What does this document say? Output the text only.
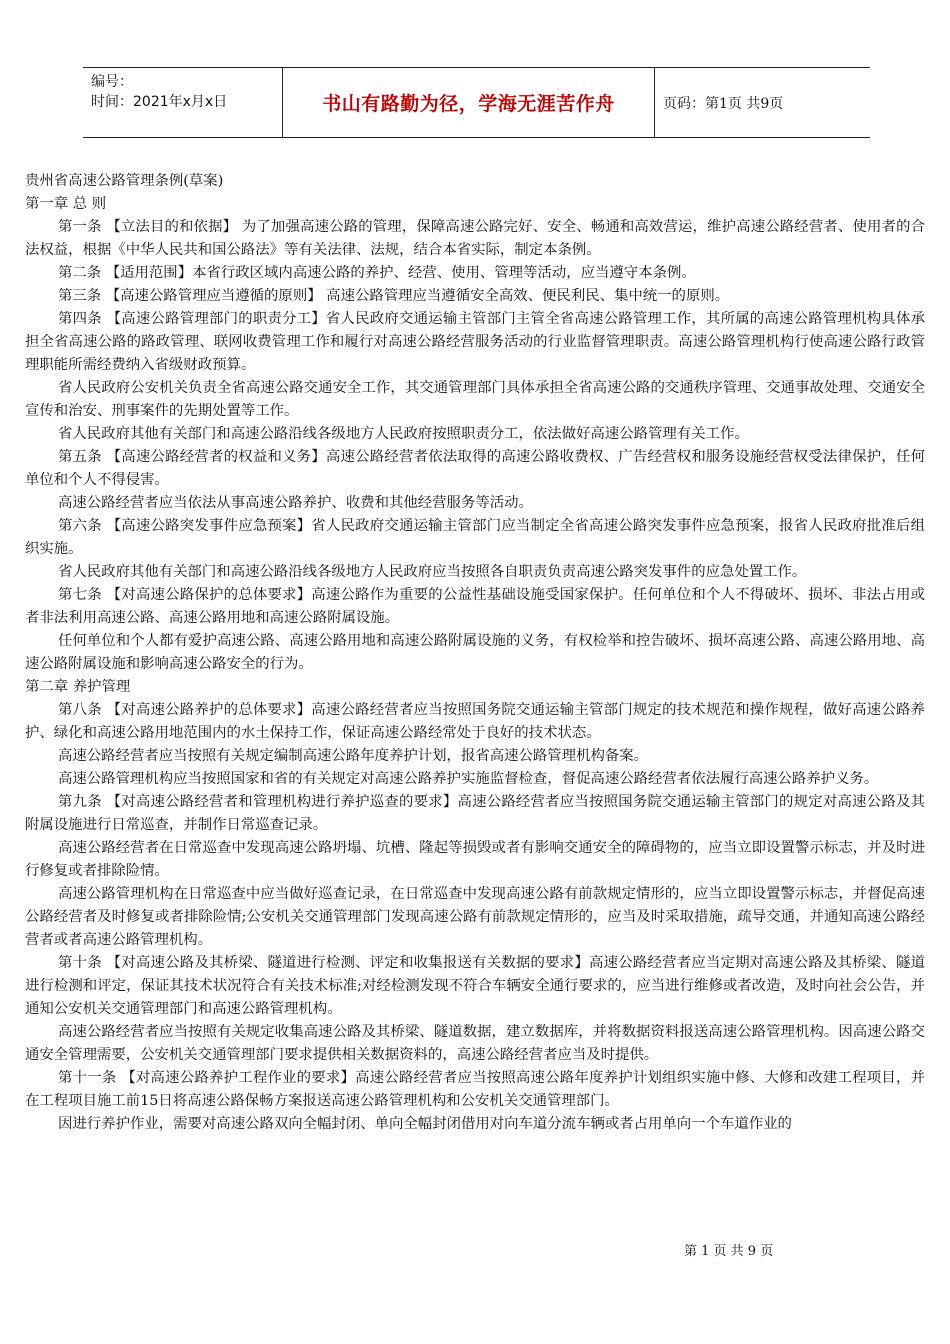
编号：
时间：2021年x月x日	书山有路勤为径，学海无涯苦作舟	页码：第1页 共9页

贵州省高速公路管理条例(草案)

第一章 总 则

第一条 【立法目的和依据】 为了加强高速公路的管理，保障高速公路完好、安全、畅通和高效营运，维护高速公路经营者、使用者的合法权益，根据《中华人民共和国公路法》等有关法律、法规，结合本省实际，制定本条例。

第二条 【适用范围】本省行政区域内高速公路的养护、经营、使用、管理等活动，应当遵守本条例。

第三条 【高速公路管理应当遵循的原则】 高速公路管理应当遵循安全高效、便民利民、集中统一的原则。

第四条 【高速公路管理部门的职责分工】省人民政府交通运输主管部门主管全省高速公路管理工作，其所属的高速公路管理机构具体承担全省高速公路的路政管理、联网收费管理工作和履行对高速公路经营服务活动的行业监督管理职责。高速公路管理机构行使高速公路行政管理职能所需经费纳入省级财政预算。

省人民政府公安机关负责全省高速公路交通安全工作，其交通管理部门具体承担全省高速公路的交通秩序管理、交通事故处理、交通安全宣传和治安、刑事案件的先期处置等工作。

省人民政府其他有关部门和高速公路沿线各级地方人民政府按照职责分工，依法做好高速公路管理有关工作。

第五条 【高速公路经营者的权益和义务】高速公路经营者依法取得的高速公路收费权、广告经营权和服务设施经营权受法律保护，任何单位和个人不得侵害。

高速公路经营者应当依法从事高速公路养护、收费和其他经营服务等活动。

第六条 【高速公路突发事件应急预案】省人民政府交通运输主管部门应当制定全省高速公路突发事件应急预案，报省人民政府批准后组织实施。

省人民政府其他有关部门和高速公路沿线各级地方人民政府应当按照各自职责负责高速公路突发事件的应急处置工作。

第七条 【对高速公路保护的总体要求】高速公路作为重要的公益性基础设施受国家保护。任何单位和个人不得破坏、损坏、非法占用或者非法利用高速公路、高速公路用地和高速公路附属设施。

任何单位和个人都有爱护高速公路、高速公路用地和高速公路附属设施的义务，有权检举和控告破坏、损坏高速公路、高速公路用地、高速公路附属设施和影响高速公路安全的行为。

第二章 养护管理

第八条 【对高速公路养护的总体要求】高速公路经营者应当按照国务院交通运输主管部门规定的技术规范和操作规程，做好高速公路养护、绿化和高速公路用地范围内的水土保持工作，保证高速公路经常处于良好的技术状态。

高速公路经营者应当按照有关规定编制高速公路年度养护计划，报省高速公路管理机构备案。

高速公路管理机构应当按照国家和省的有关规定对高速公路养护实施监督检查，督促高速公路经营者依法履行高速公路养护义务。

第九条 【对高速公路经营者和管理机构进行养护巡查的要求】高速公路经营者应当按照国务院交通运输主管部门的规定对高速公路及其附属设施进行日常巡查，并制作日常巡查记录。

高速公路经营者在日常巡查中发现高速公路坍塌、坑槽、隆起等损毁或者有影响交通安全的障碍物的，应当立即设置警示标志，并及时进行修复或者排除险情。

高速公路管理机构在日常巡查中应当做好巡查记录，在日常巡查中发现高速公路有前款规定情形的，应当立即设置警示标志，并督促高速公路经营者及时修复或者排除险情;公安机关交通管理部门发现高速公路有前款规定情形的，应当及时采取措施，疏导交通，并通知高速公路经营者或者高速公路管理机构。

第十条 【对高速公路及其桥梁、隧道进行检测、评定和收集报送有关数据的要求】高速公路经营者应当定期对高速公路及其桥梁、隧道进行检测和评定，保证其技术状况符合有关技术标准;对经检测发现不符合车辆安全通行要求的，应当进行维修或者改造，及时向社会公告，并通知公安机关交通管理部门和高速公路管理机构。

高速公路经营者应当按照有关规定收集高速公路及其桥梁、隧道数据，建立数据库，并将数据资料报送高速公路管理机构。因高速公路交通安全管理需要，公安机关交通管理部门要求提供相关数据资料的，高速公路经营者应当及时提供。

第十一条 【对高速公路养护工程作业的要求】高速公路经营者应当按照高速公路年度养护计划组织实施中修、大修和改建工程项目，并在工程项目施工前15日将高速公路保畅方案报送高速公路管理机构和公安机关交通管理部门。

因进行养护作业，需要对高速公路双向全幅封闭、单向全幅封闭借用对向车道分流车辆或者占用单向一个车道作业的

第 1 页 共 9 页
